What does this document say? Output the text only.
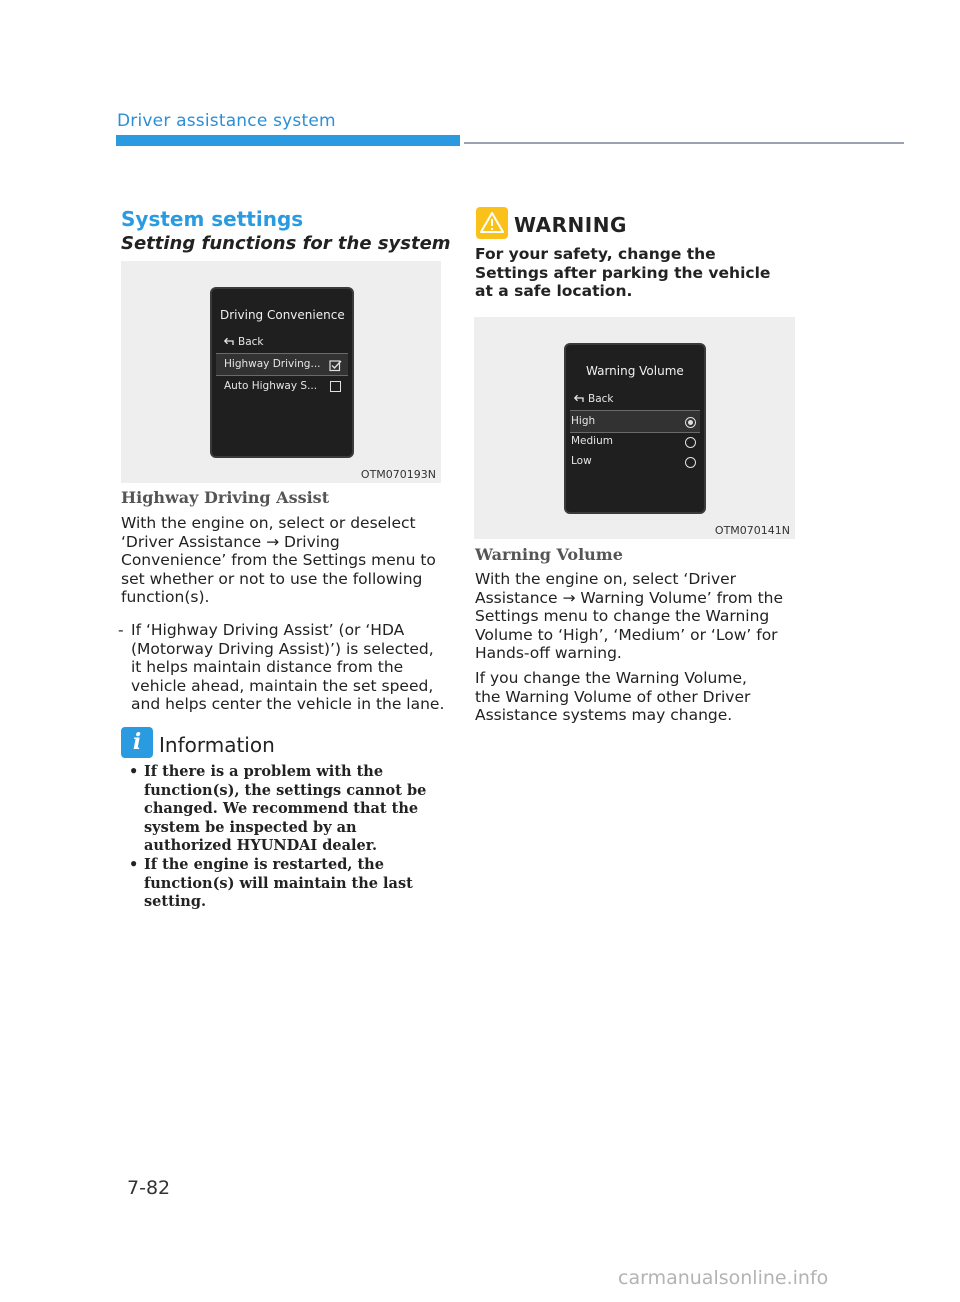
Driver assistance system
System settings
Setting functions for the system
Driving Convenience
Back
Highway Driving...
Auto Highway S...
OTM070193N
Highway Driving Assist
With the engine on, select or deselect ‘Driver Assistance → Driving Convenience’ from the Settings menu to set whether or not to use the following function(s).
- If ‘Highway Driving Assist’ (or ‘HDA (Motorway Driving Assist)’) is selected, it helps maintain distance from the vehicle ahead, maintain the set speed, and helps center the vehicle in the lane.
i Information
• If there is a problem with the function(s), the settings cannot be changed. We recommend that the system be inspected by an authorized HYUNDAI dealer.
• If the engine is restarted, the function(s) will maintain the last setting.
WARNING
For your safety, change the Settings after parking the vehicle at a safe location.
Warning Volume
Back
High
Medium
Low
OTM070141N
Warning Volume
With the engine on, select ‘Driver Assistance → Warning Volume’ from the Settings menu to change the Warning Volume to ‘High’, ‘Medium’ or ‘Low’ for Hands-off warning.
If you change the Warning Volume, the Warning Volume of other Driver Assistance systems may change.
7-82
carmanualsonline.info
